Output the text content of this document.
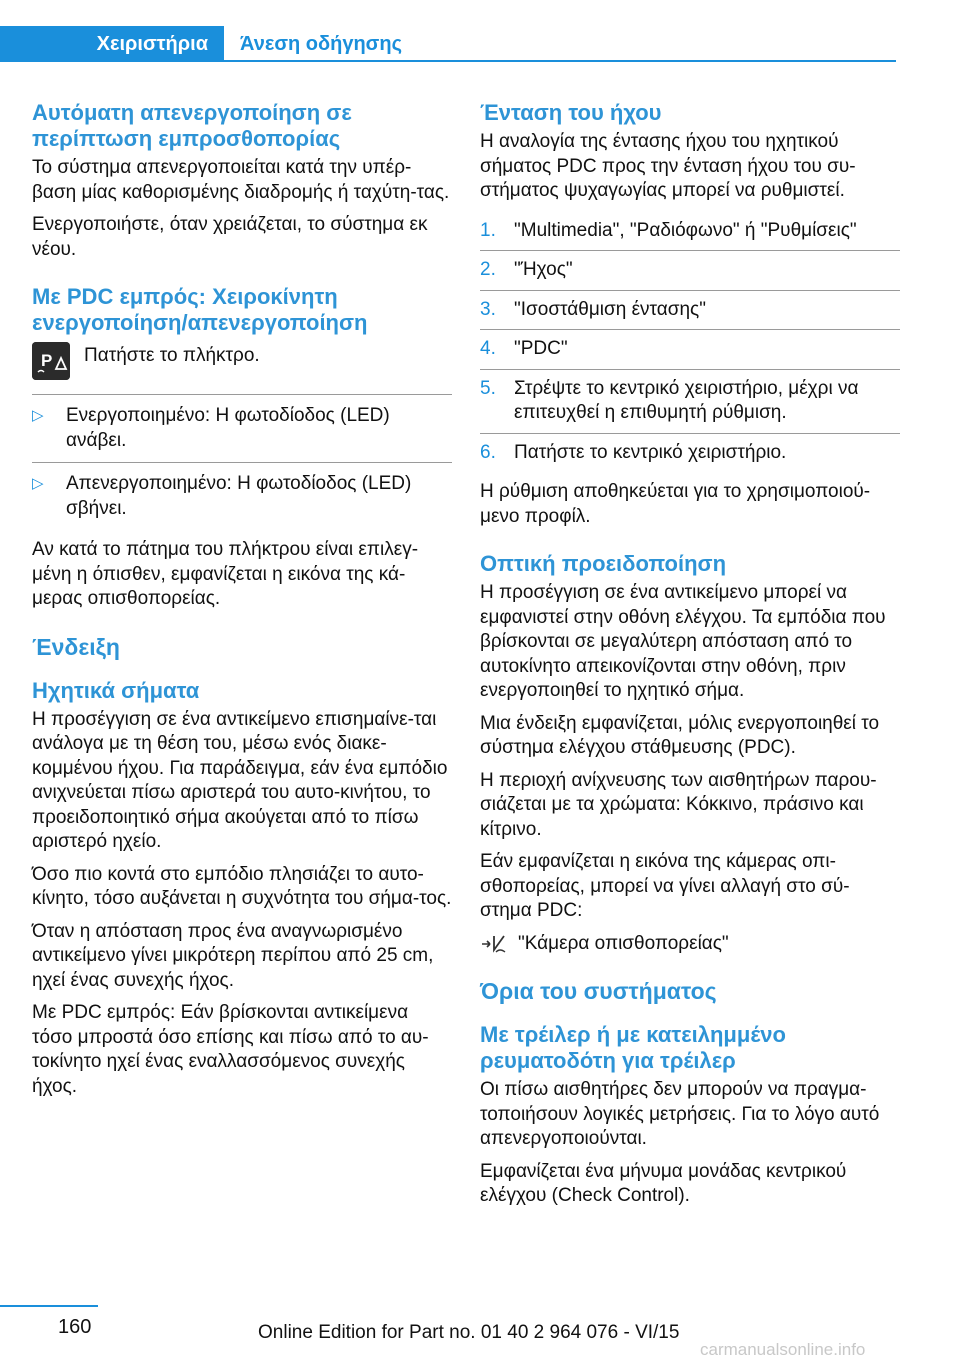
Χειριστήρια	Άνεση οδήγησης
Αυτόματη απενεργοποίηση σε περίπτωση εμπροσθοπορίας

Το σύστημα απενεργοποιείται κατά την υπέρ-βαση μίας καθορισμένης διαδρομής ή ταχύτη-τας.

Ενεργοποιήστε, όταν χρειάζεται, το σύστημα εκ νέου.

Με PDC εμπρός: Χειροκίνητη ενεργοποίηση/απενεργοποίηση
P Πατήστε το πλήκτρο.
▷ Ενεργοποιημένο: Η φωτοδίοδος (LED) ανάβει.
▷ Απενεργοποιημένο: Η φωτοδίοδος (LED) σβήνει.

Αν κατά το πάτημα του πλήκτρου είναι επιλεγ-μένη η όπισθεν, εμφανίζεται η εικόνα της κά-μερας οπισθοπορείας.

Ένδειξη
Ηχητικά σήματα

Η προσέγγιση σε ένα αντικείμενο επισημαίνε-ται ανάλογα με τη θέση του, μέσω ενός διακε-κομμένου ήχου. Για παράδειγμα, εάν ένα εμπόδιο ανιχνεύεται πίσω αριστερά του αυτο-κινήτου, το προειδοποιητικό σήμα ακούγεται από το πίσω αριστερό ηχείο.

Όσο πιο κοντά στο εμπόδιο πλησιάζει το αυτο-κίνητο, τόσο αυξάνεται η συχνότητα του σήμα-τος.

Όταν η απόσταση προς ένα αναγνωρισμένο αντικείμενο γίνει μικρότερη περίπου από 25 cm, ηχεί ένας συνεχής ήχος.

Με PDC εμπρός: Εάν βρίσκονται αντικείμενα τόσο μπροστά όσο επίσης και πίσω από το αυ-τοκίνητο ηχεί ένας εναλλασσόμενος συνεχής ήχος.

Ένταση του ήχου

Η αναλογία της έντασης ήχου του ηχητικού σήματος PDC προς την ένταση ήχου του συ-στήματος ψυχαγωγίας μπορεί να ρυθμιστεί.

1. "Multimedia", "Ραδιόφωνο" ή "Ρυθμίσεις"
2. "Ήχος"
3. "Ισοστάθμιση έντασης"
4. "PDC"
5. Στρέψτε το κεντρικό χειριστήριο, μέχρι να επιτευχθεί η επιθυμητή ρύθμιση.
6. Πατήστε το κεντρικό χειριστήριο.

Η ρύθμιση αποθηκεύεται για το χρησιμοποιού-μενο προφίλ.

Οπτική προειδοποίηση

Η προσέγγιση σε ένα αντικείμενο μπορεί να εμφανιστεί στην οθόνη ελέγχου. Τα εμπόδια που βρίσκονται σε μεγαλύτερη απόσταση από το αυτοκίνητο απεικονίζονται στην οθόνη, πριν ενεργοποιηθεί το ηχητικό σήμα.

Μια ένδειξη εμφανίζεται, μόλις ενεργοποιηθεί το σύστημα ελέγχου στάθμευσης (PDC).

Η περιοχή ανίχνευσης των αισθητήρων παρου-σιάζεται με τα χρώματα: Κόκκινο, πράσινο και κίτρινο.

Εάν εμφανίζεται η εικόνα της κάμερας οπι-σθοπορείας, μπορεί να γίνει αλλαγή στο σύ-στημα PDC:

"Κάμερα οπισθοπορείας"
Όρια του συστήματος
Με τρέιλερ ή με κατειλημμένο ρευματοδότη για τρέιλερ

Οι πίσω αισθητήρες δεν μπορούν να πραγμα-τοποιήσουν λογικές μετρήσεις. Για το λόγο αυτό απενεργοποιούνται.

Εμφανίζεται ένα μήνυμα μονάδας κεντρικού ελέγχου (Check Control).

160	Online Edition for Part no. 01 40 2 964 076 - VI/15
carmanualsonline.info
